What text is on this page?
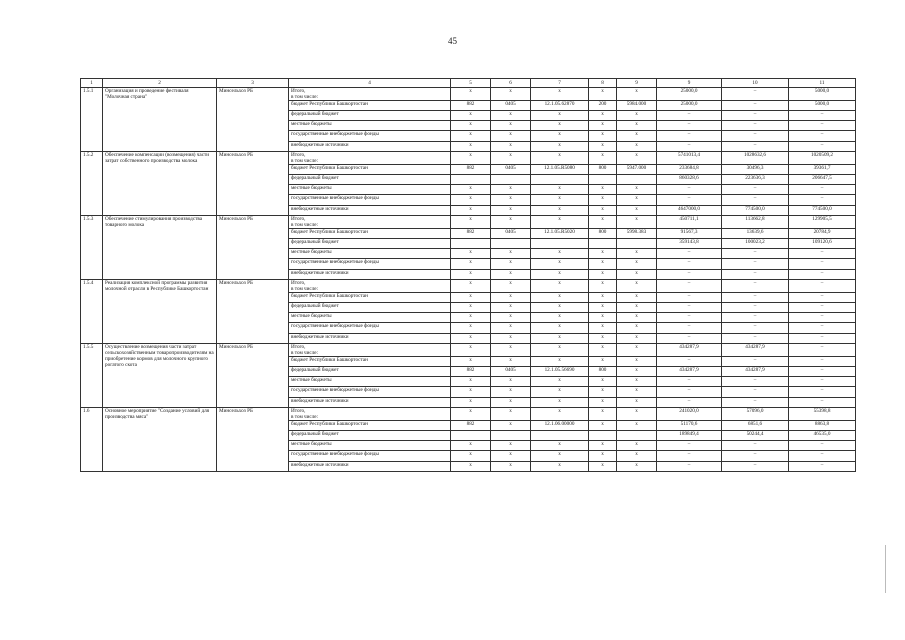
45
1	2	3	4	5	6	7	8	9	9	10	11
1.5.1	Организация и проведение фестиваля "Молочная страна"	Минсельхоз РБ	Итого,
в том числе:	x	x	x	x	x	25000,0	–	5000,0
			бюджет Республики Башкортостан	882	0405	12.1.05.62870	200	5984.000	25000,0	–	5000,0
			федеральный бюджет	x	x	x	x	x	–	–	–
			местные бюджеты	x	x	x	x	x	–	–	–
			государственные внебюджетные фонды	x	x	x	x	x	–	–	–
			внебюджетные источники	x	x	x	x	x	–	–	–
1.5.2	Обеспечение компенсации (возмещения) части затрат собственного производства молока	Минсельхоз РБ	Итого,
в том числе:	x	x	x	x	x	5741013,4	1028632,6	1020509,2
			бюджет Республики Башкортостан	882	0405	12.1.05.R5080	800	5947.000	233684,8	30496,3	39361,7
			федеральный бюджет						860328,6	223636,3	206647,5
			местные бюджеты	x	x	x	x	x	–	–	–
			государственные внебюджетные фонды	x	x	x	x	x	–	–	–
			внебюджетные источники	x	x	x	x	x	4647000,0	774500,0	774500,0
1.5.3	Обеспечение стимулирования производства товарного молока	Минсельхоз РБ	Итого,
в том числе:	x	x	x	x	x	450711,1	113662,8	129905,5
			бюджет Республики Башкортостан	882	0405	12.1.05.R5020	800	5998.383	91567,3	13639,6	20784,9
			федеральный бюджет						359143,8	100023,2	109120,6
			местные бюджеты	x	x	x	x	x	–	–	–
			государственные внебюджетные фонды	x	x	x	x	x	–	–	–
			внебюджетные источники	x	x	x	x	x	–	–	–
1.5.4	Реализация комплексной программы развития молочной отрасли в Республике Башкортостан	Минсельхоз РБ	Итого,
в том числе:	x	x	x	x	x	–	–	–
			бюджет Республики Башкортостан	x	x	x	x	x	–	–	–
			федеральный бюджет	x	x	x	x	x	–	–	–
			местные бюджеты	x	x	x	x	x	–	–	–
			государственные внебюджетные фонды	x	x	x	x	x	–	–	–
			внебюджетные источники	x	x	x	x	x	–	–	–
1.5.5	Осуществление возмещения части затрат сельскохозяйственным товаропроизводителям на приобретение кормов для молочного крупного рогатого скота	Минсельхоз РБ	Итого,
в том числе:	x	x	x	x	x	434287,9	434287,9	–
			бюджет Республики Башкортостан	x	x	x	x	x	–	–	–
			федеральный бюджет	882	0405	12.1.05.56690	800	x	434287,9	434287,9	–
			местные бюджеты	x	x	x	x	x	–	–	–
			государственные внебюджетные фонды	x	x	x	x	x	–	–	–
			внебюджетные источники	x	x	x	x	x	–	–	–
1.6	Основное мероприятие "Создание условий для производства мяса"	Минсельхоз РБ	Итого,
в том числе:	x	x	x	x	x	241020,0	57096,0	55398,8
			бюджет Республики Башкортостан	882	x	12.1.06.00000	x	x	51170,6	6851,6	8863,8
			федеральный бюджет						189849,4	50244,4	46535,0
			местные бюджеты	x	x	x	x	x	–	–	–
			государственные внебюджетные фонды	x	x	x	x	x	–	–	–
			внебюджетные источники	x	x	x	x	x	–	–	–
